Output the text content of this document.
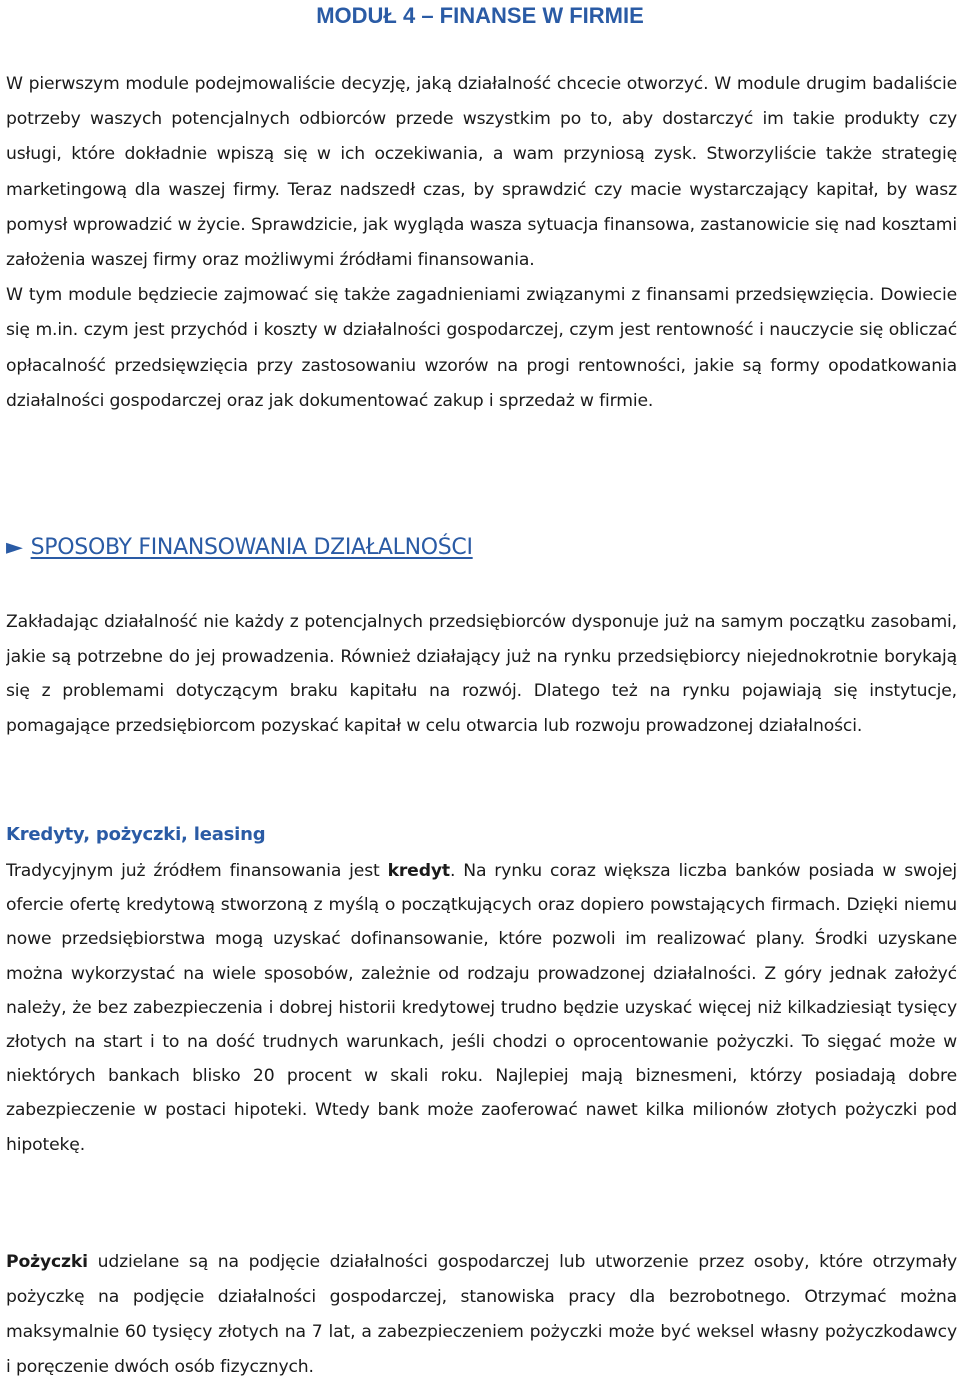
MODUŁ 4 – FINANSE W FIRMIE

W pierwszym module podejmowaliście decyzję, jaką działalność chcecie otworzyć. W module drugim badaliście potrzeby waszych potencjalnych odbiorców przede wszystkim po to, aby dostarczyć im takie produkty czy usługi, które dokładnie wpiszą się w ich oczekiwania, a wam przyniosą zysk. Stworzyliście także strategię marketingową dla waszej firmy. Teraz nadszedł czas, by sprawdzić czy macie wystarczający kapitał, by wasz pomysł wprowadzić w życie. Sprawdzicie, jak wygląda wasza sytuacja finansowa, zastanowicie się nad kosztami założenia waszej firmy oraz możliwymi źródłami finansowania.
W tym module będziecie zajmować się także zagadnieniami związanymi z finansami przedsięwzięcia. Dowiecie się m.in. czym jest przychód i koszty w działalności gospodarczej, czym jest rentowność i nauczycie się obliczać opłacalność przedsięwzięcia przy zastosowaniu wzorów na progi rentowności, jakie są formy opodatkowania działalności gospodarczej oraz jak dokumentować zakup i sprzedaż w firmie.

► SPOSOBY FINANSOWANIA DZIAŁALNOŚCI

Zakładając działalność nie każdy z potencjalnych przedsiębiorców dysponuje już na samym początku zasobami, jakie są potrzebne do jej prowadzenia. Również działający już na rynku przedsiębiorcy niejednokrotnie borykają się z problemami dotyczącym braku kapitału na rozwój. Dlatego też na rynku pojawiają się instytucje, pomagające przedsiębiorcom pozyskać kapitał w celu otwarcia lub rozwoju prowadzonej działalności.

Kredyty, pożyczki, leasing

Tradycyjnym już źródłem finansowania jest kredyt. Na rynku coraz większa liczba banków posiada w swojej ofercie ofertę kredytową stworzoną z myślą o początkujących oraz dopiero powstających firmach. Dzięki niemu nowe przedsiębiorstwa mogą uzyskać dofinansowanie, które pozwoli im realizować plany. Środki uzyskane można wykorzystać na wiele sposobów, zależnie od rodzaju prowadzonej działalności. Z góry jednak założyć należy, że bez zabezpieczenia i dobrej historii kredytowej trudno będzie uzyskać więcej niż kilkadziesiąt tysięcy złotych na start i to na dość trudnych warunkach, jeśli chodzi o oprocentowanie pożyczki. To sięgać może w niektórych bankach blisko 20 procent w skali roku. Najlepiej mają biznesmeni, którzy posiadają dobre zabezpieczenie w postaci hipoteki. Wtedy bank może zaoferować nawet kilka milionów złotych pożyczki pod hipotekę.

Pożyczki udzielane są na podjęcie działalności gospodarczej lub utworzenie przez osoby, które otrzymały pożyczkę na podjęcie działalności gospodarczej, stanowiska pracy dla bezrobotnego. Otrzymać można maksymalnie 60 tysięcy złotych na 7 lat, a zabezpieczeniem pożyczki może być weksel własny pożyczkodawcy i poręczenie dwóch osób fizycznych.
